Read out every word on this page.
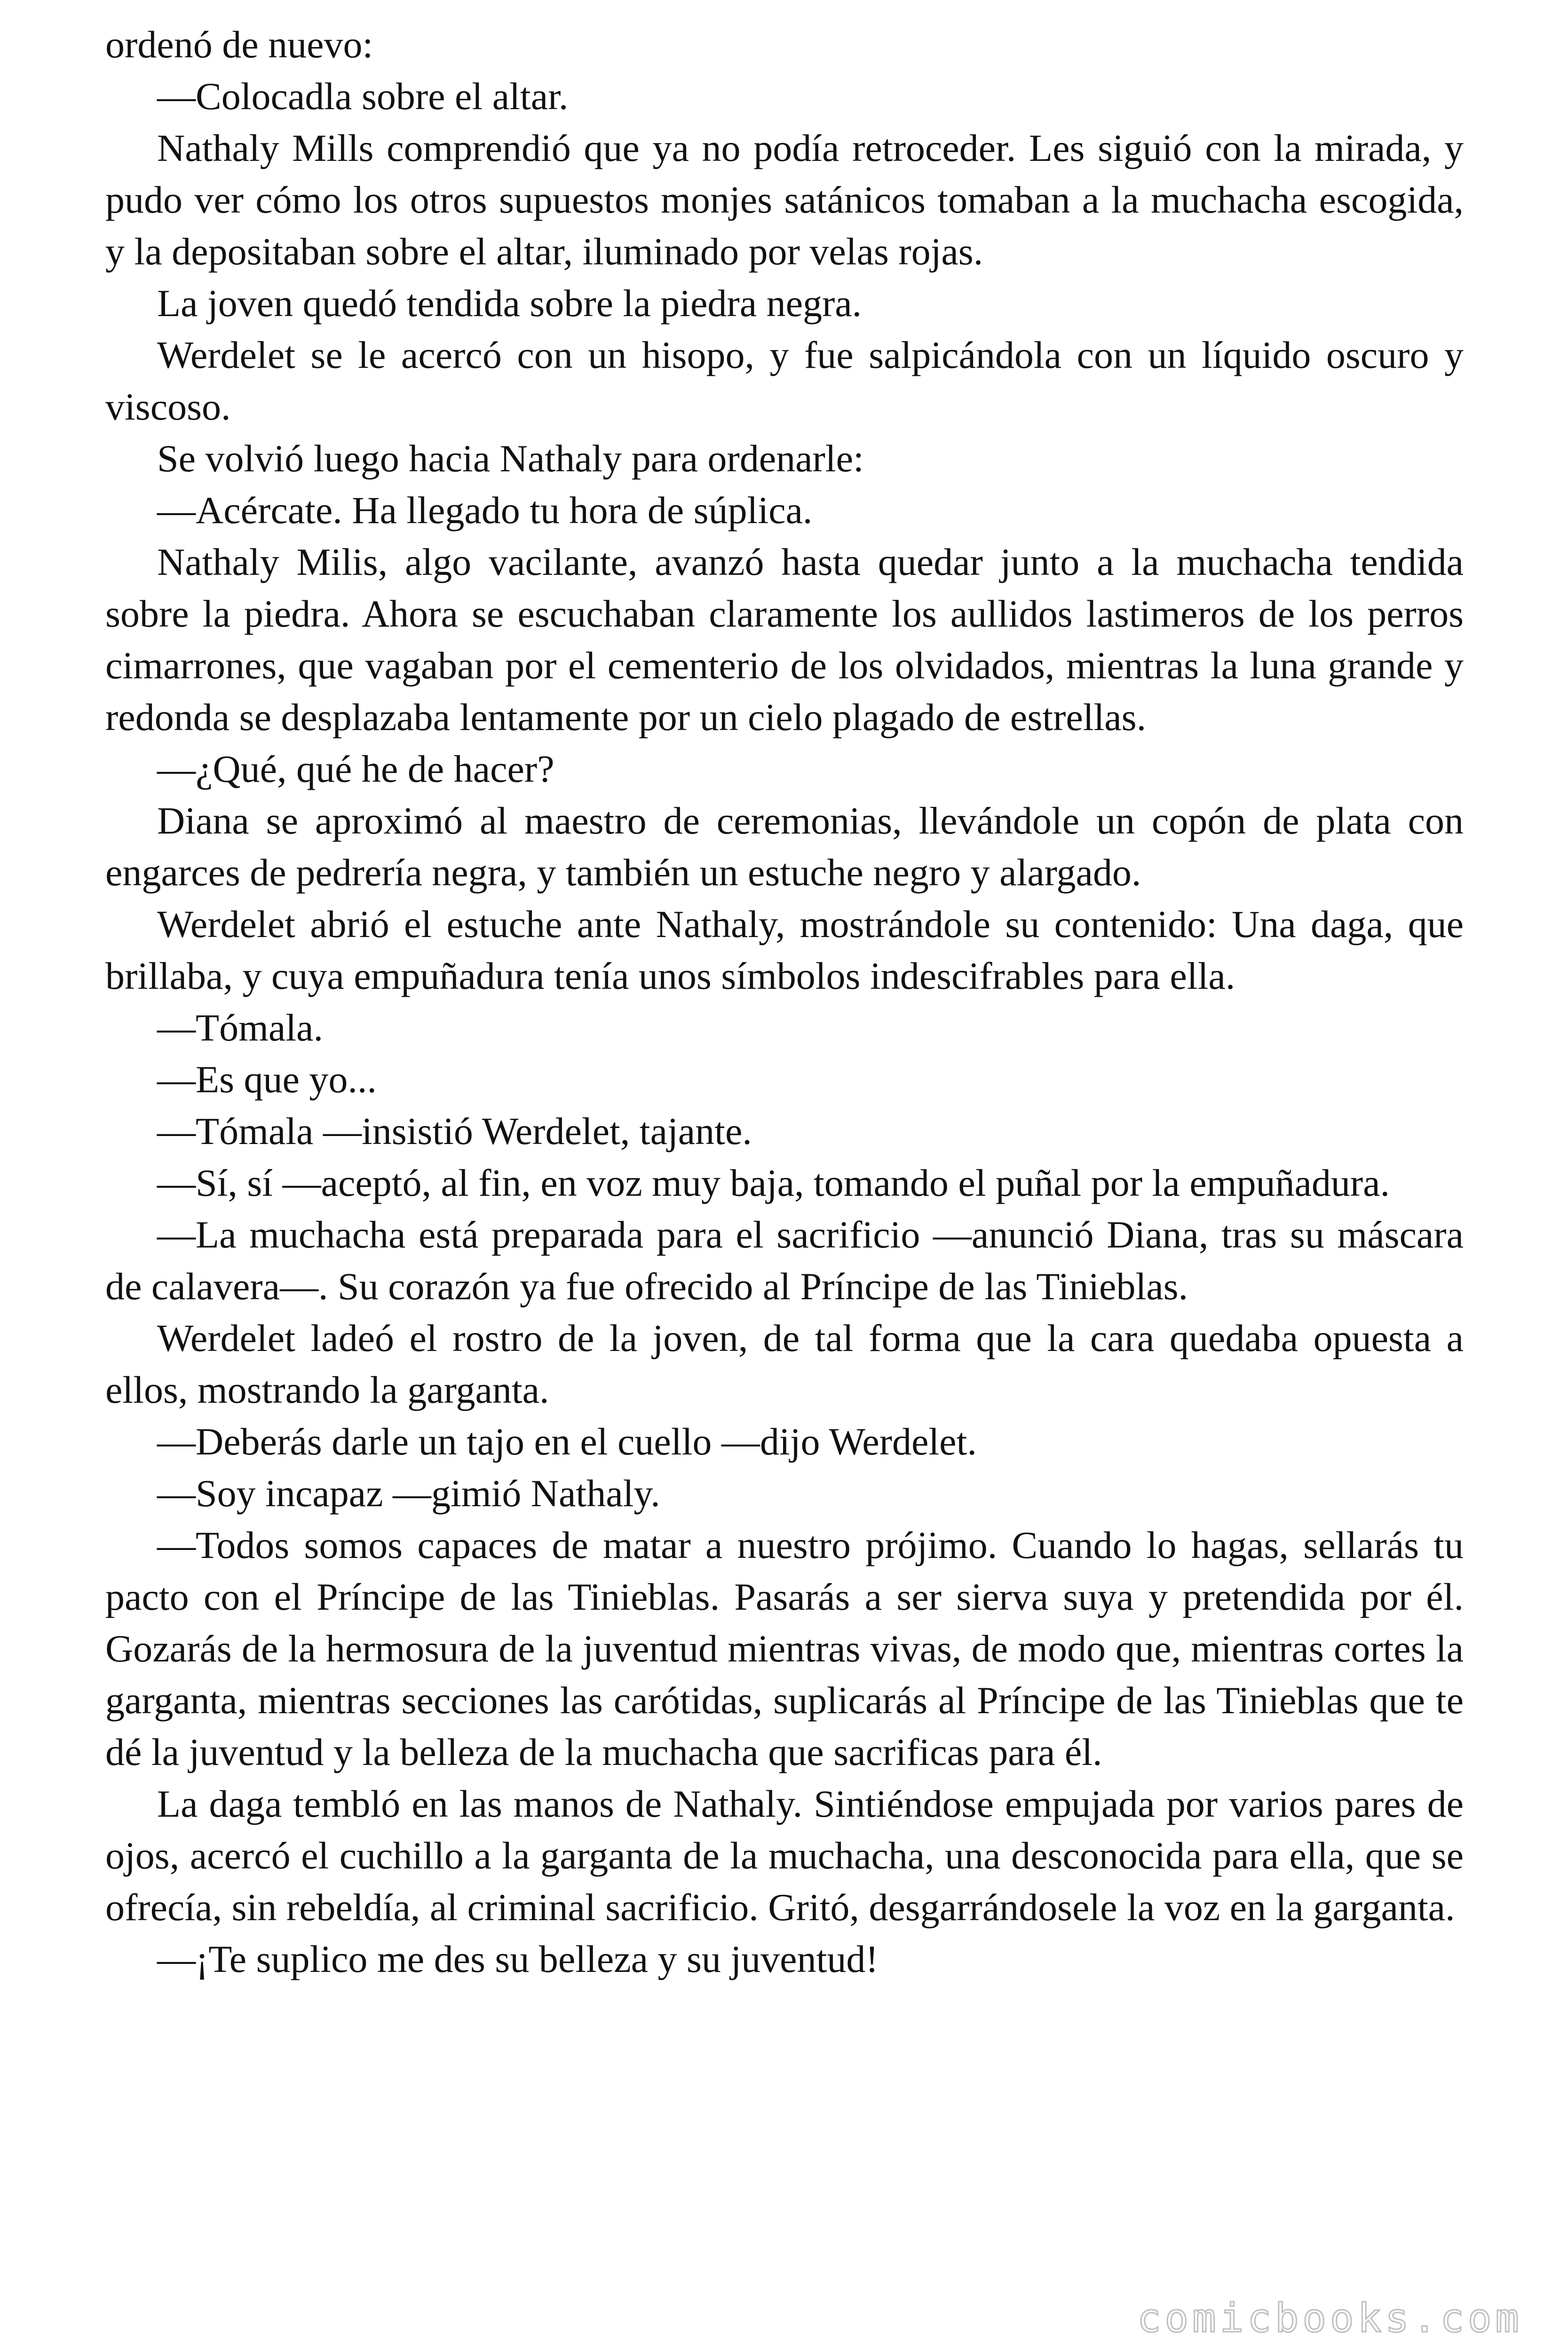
ordenó de nuevo:

—Colocadla sobre el altar.

Nathaly Mills comprendió que ya no podía retroceder. Les siguió con la mirada, y pudo ver cómo los otros supuestos monjes satánicos tomaban a la muchacha escogida, y la depositaban sobre el altar, iluminado por velas rojas.

La joven quedó tendida sobre la piedra negra.

Werdelet se le acercó con un hisopo, y fue salpicándola con un líquido oscuro y viscoso.

Se volvió luego hacia Nathaly para ordenarle:

—Acércate. Ha llegado tu hora de súplica.

Nathaly Milis, algo vacilante, avanzó hasta quedar junto a la muchacha tendida sobre la piedra. Ahora se escuchaban claramente los aullidos lastimeros de los perros cimarrones, que vagaban por el cementerio de los olvidados, mientras la luna grande y redonda se desplazaba lentamente por un cielo plagado de estrellas.

—¿Qué, qué he de hacer?

Diana se aproximó al maestro de ceremonias, llevándole un copón de plata con engarces de pedrería negra, y también un estuche negro y alargado.

Werdelet abrió el estuche ante Nathaly, mostrándole su contenido: Una daga, que brillaba, y cuya empuñadura tenía unos símbolos indescifrables para ella.

—Tómala.

—Es que yo...

—Tómala —insistió Werdelet, tajante.

—Sí, sí —aceptó, al fin, en voz muy baja, tomando el puñal por la empuñadura.

—La muchacha está preparada para el sacrificio —anunció Diana, tras su máscara de calavera—. Su corazón ya fue ofrecido al Príncipe de las Tinieblas.

Werdelet ladeó el rostro de la joven, de tal forma que la cara quedaba opuesta a ellos, mostrando la garganta.

—Deberás darle un tajo en el cuello —dijo Werdelet.

—Soy incapaz —gimió Nathaly.

—Todos somos capaces de matar a nuestro prójimo. Cuando lo hagas, sellarás tu pacto con el Príncipe de las Tinieblas. Pasarás a ser sierva suya y pretendida por él. Gozarás de la hermosura de la juventud mientras vivas, de modo que, mientras cortes la garganta, mientras secciones las carótidas, suplicarás al Príncipe de las Tinieblas que te dé la juventud y la belleza de la muchacha que sacrificas para él.

La daga tembló en las manos de Nathaly. Sintiéndose empujada por varios pares de ojos, acercó el cuchillo a la garganta de la muchacha, una desconocida para ella, que se ofrecía, sin rebeldía, al criminal sacrificio. Gritó, desgarrándosele la voz en la garganta.

—¡Te suplico me des su belleza y su juventud!

comicbooks.com
